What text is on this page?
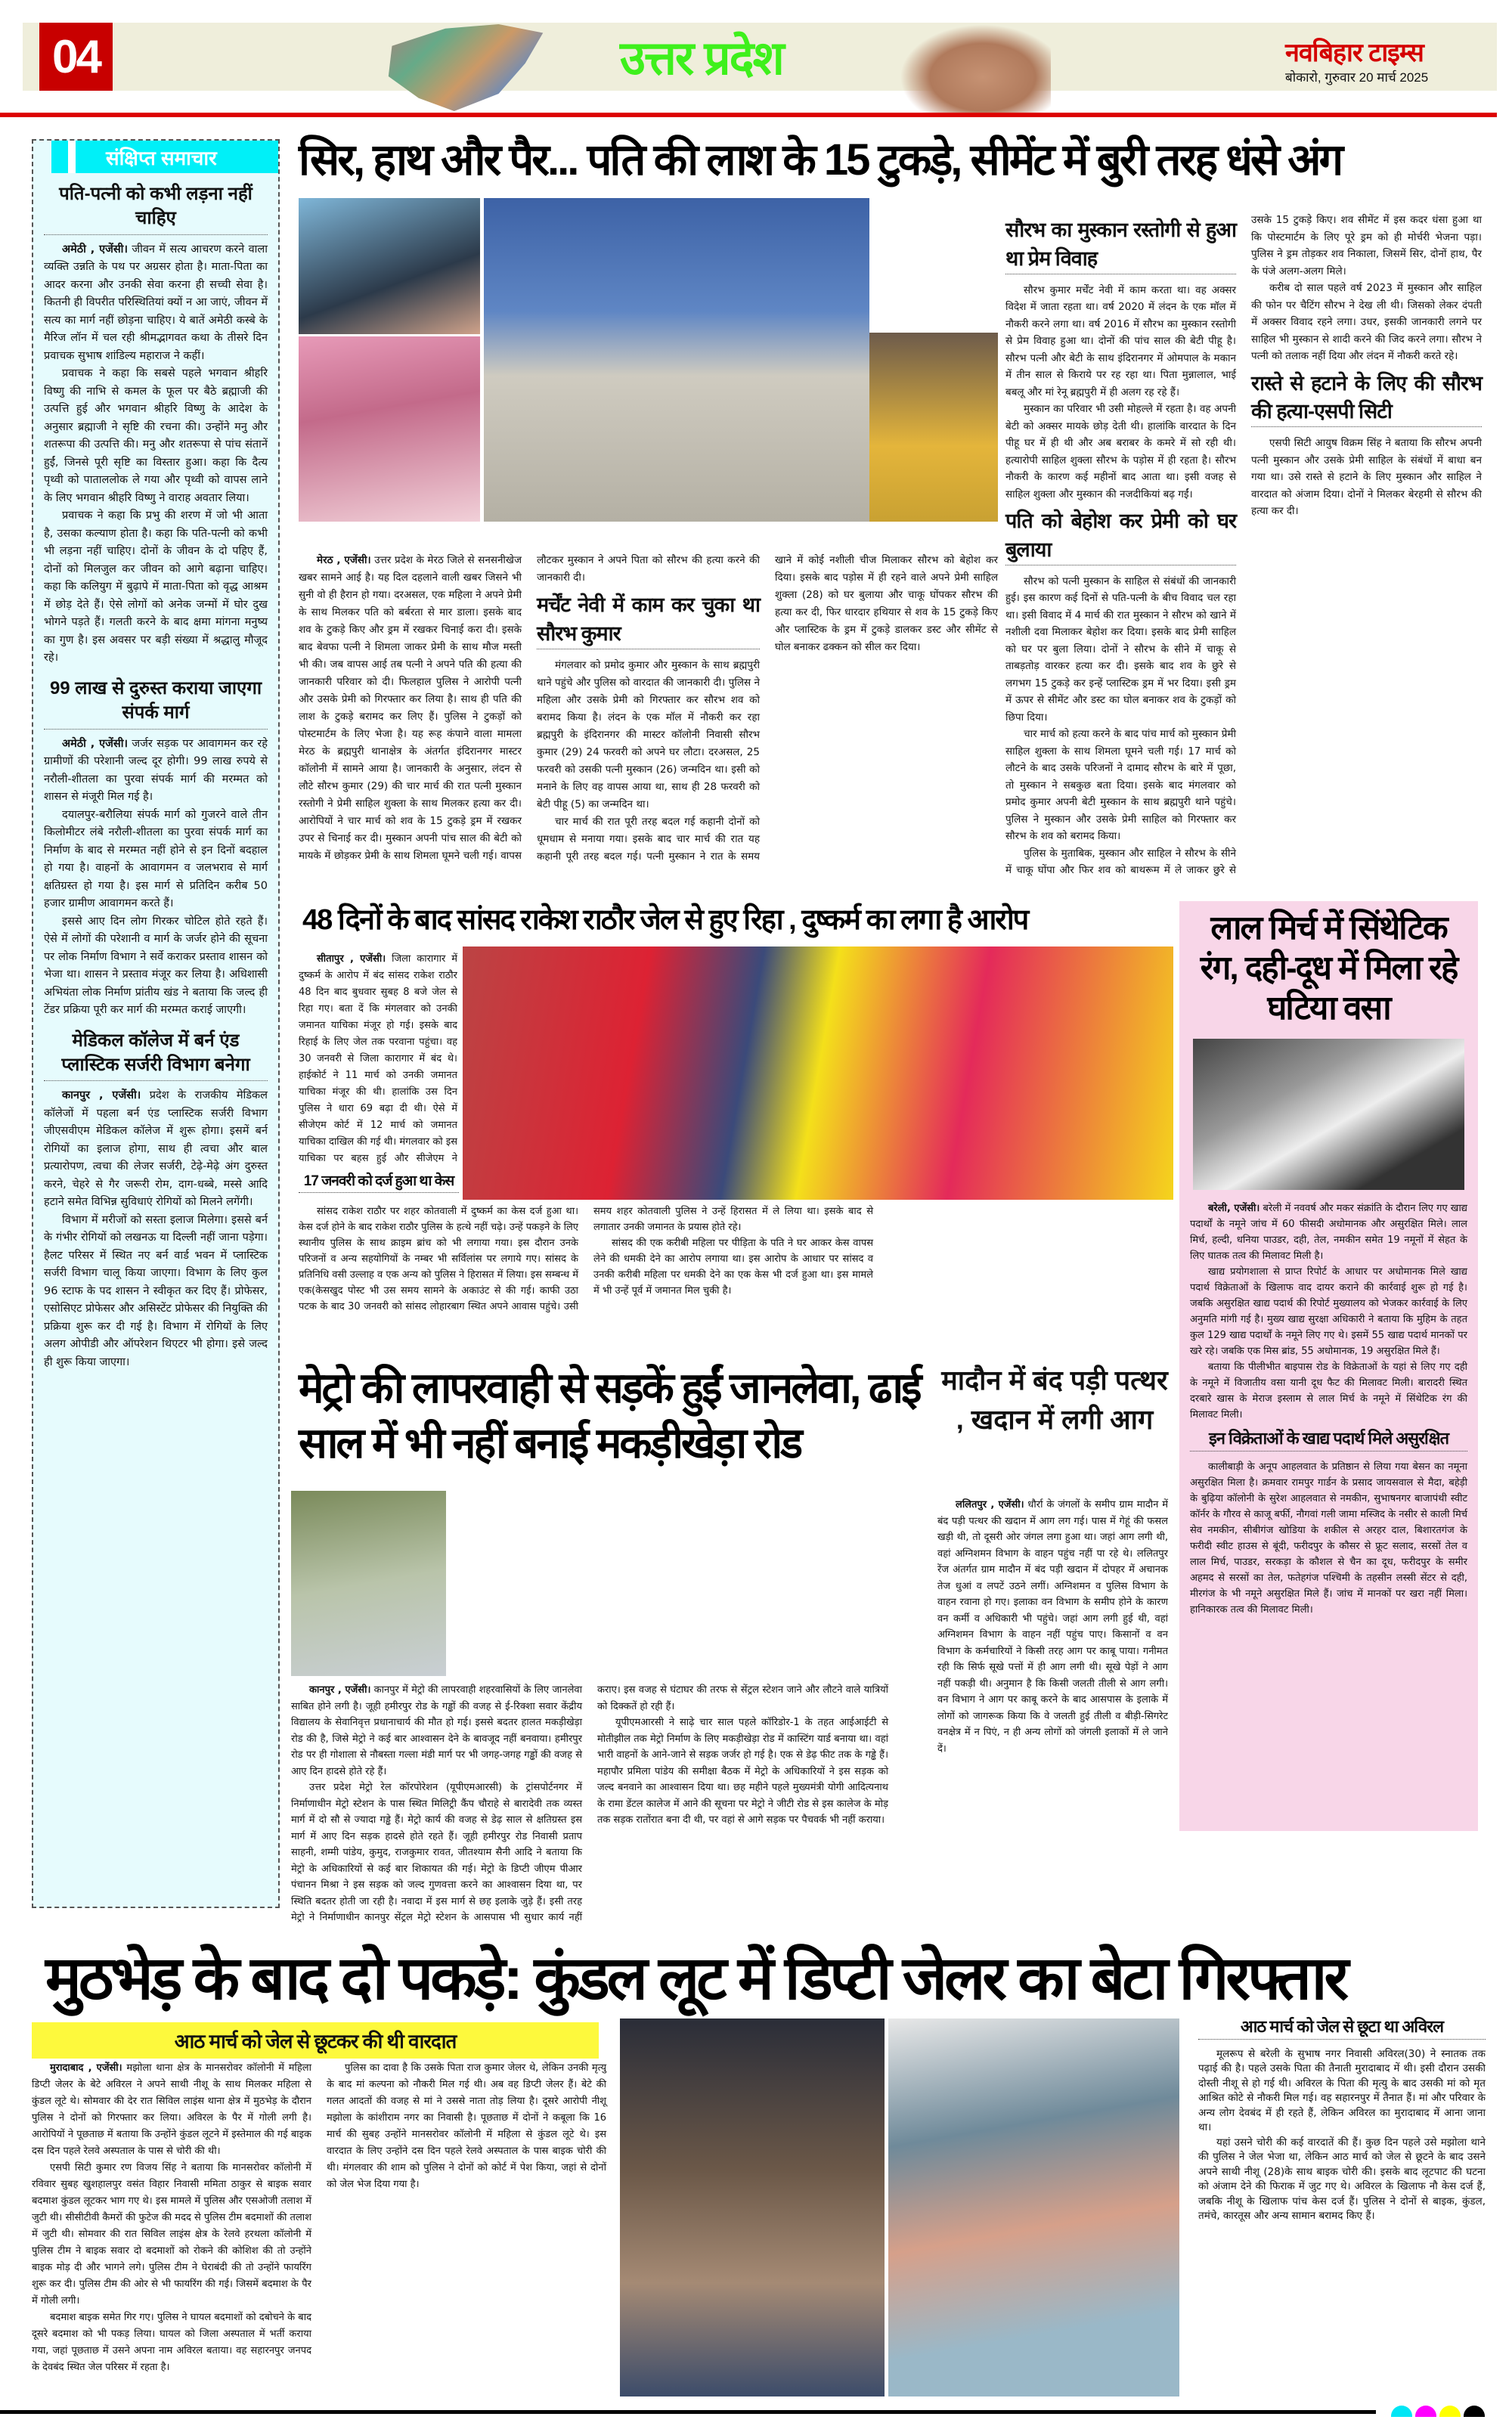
04	उत्तर प्रदेश	नवबिहार टाइम्स
बोकारो, गुरुवार 20 मार्च 2025
संक्षिप्त समाचार
पति-पत्नी को कभी लड़ना नहीं चाहिए

अमेठी , एजेंसी। जीवन में सत्य आचरण करने वाला व्यक्ति उन्नति के पथ पर अग्रसर होता है। माता-पिता का आदर करना और उनकी सेवा करना ही सच्ची सेवा है। कितनी ही विपरीत परिस्थितियां क्यों न आ जाएं, जीवन में सत्य का मार्ग नहीं छोड़ना चाहिए। ये बातें अमेठी कस्बे के मैरिज लॉन में चल रही श्रीमद्भागवत कथा के तीसरे दिन प्रवाचक सुभाष शांडिल्य महाराज ने कहीं।

प्रवाचक ने कहा कि सबसे पहले भगवान श्रीहरि विष्णु की नाभि से कमल के फूल पर बैठे ब्रह्माजी की उत्पत्ति हुई और भगवान श्रीहरि विष्णु के आदेश के अनुसार ब्रह्माजी ने सृष्टि की रचना की। उन्होंने मनु और शतरूपा की उत्पत्ति की। मनु और शतरूपा से पांच संतानें हुईं, जिनसे पूरी सृष्टि का विस्तार हुआ। कहा कि दैत्य पृथ्वी को पाताललोक ले गया और पृथ्वी को वापस लाने के लिए भगवान श्रीहरि विष्णु ने वाराह अवतार लिया।

प्रवाचक ने कहा कि प्रभु की शरण में जो भी आता है, उसका कल्याण होता है। कहा कि पति-पत्नी को कभी भी लड़ना नहीं चाहिए। दोनों के जीवन के दो पहिए हैं, दोनों को मिलजुल कर जीवन को आगे बढ़ाना चाहिए। कहा कि कलियुग में बुढ़ापे में माता-पिता को वृद्ध आश्रम में छोड़ देते हैं। ऐसे लोगों को अनेक जन्मों में घोर दुख भोगने पड़ते हैं। गलती करने के बाद क्षमा मांगना मनुष्य का गुण है। इस अवसर पर बड़ी संख्या में श्रद्धालु मौजूद रहे।

99 लाख से दुरुस्त कराया जाएगा संपर्क मार्ग

अमेठी , एजेंसी। जर्जर सड़क पर आवागमन कर रहे ग्रामीणों की परेशानी जल्द दूर होगी। 99 लाख रुपये से नरौली-शीतला का पुरवा संपर्क मार्ग की मरम्मत को शासन से मंजूरी मिल गई है।

दयालपुर-बरौलिया संपर्क मार्ग को गुजरने वाले तीन किलोमीटर लंबे नरौली-शीतला का पुरवा संपर्क मार्ग का निर्माण के बाद से मरम्मत नहीं होने से इन दिनों बदहाल हो गया है। वाहनों के आवागमन व जलभराव से मार्ग क्षतिग्रस्त हो गया है। इस मार्ग से प्रतिदिन करीब 50 हजार ग्रामीण आवागमन करते हैं।

इससे आए दिन लोग गिरकर चोटिल होते रहते हैं। ऐसे में लोगों की परेशानी व मार्ग के जर्जर होने की सूचना पर लोक निर्माण विभाग ने सर्वे कराकर प्रस्ताव शासन को भेजा था। शासन ने प्रस्ताव मंजूर कर लिया है। अधिशासी अभियंता लोक निर्माण प्रांतीय खंड ने बताया कि जल्द ही टेंडर प्रक्रिया पूरी कर मार्ग की मरम्मत कराई जाएगी।

मेडिकल कॉलेज में बर्न एंड प्लास्टिक सर्जरी विभाग बनेगा

कानपुर , एजेंसी। प्रदेश के राजकीय मेडिकल कॉलेजों में पहला बर्न एंड प्लास्टिक सर्जरी विभाग जीएसवीएम मेडिकल कॉलेज में शुरू होगा। इसमें बर्न रोगियों का इलाज होगा, साथ ही त्वचा और बाल प्रत्यारोपण, त्वचा की लेजर सर्जरी, टेढ़े-मेढ़े अंग दुरुस्त करने, चेहरे से गैर जरूरी रोम, दाग-धब्बे, मस्से आदि हटाने समेत विभिन्न सुविधाएं रोगियों को मिलने लगेंगी।

विभाग में मरीजों को सस्ता इलाज मिलेगा। इससे बर्न के गंभीर रोगियों को लखनऊ या दिल्ली नहीं जाना पड़ेगा। हैलट परिसर में स्थित नए बर्न वार्ड भवन में प्लास्टिक सर्जरी विभाग चालू किया जाएगा। विभाग के लिए कुल 96 स्टाफ के पद शासन ने स्वीकृत कर दिए हैं। प्रोफेसर, एसोसिएट प्रोफेसर और असिस्टेंट प्रोफेसर की नियुक्ति की प्रक्रिया शुरू कर दी गई है। विभाग में रोगियों के लिए अलग ओपीडी और ऑपरेशन थिएटर भी होगा। इसे जल्द ही शुरू किया जाएगा।

सिर, हाथ और पैर... पति की लाश के 15 टुकड़े, सीमेंट में बुरी तरह धंसे अंग

मेरठ , एजेंसी। उत्तर प्रदेश के मेरठ जिले से सनसनीखेज खबर सामने आई है। यह दिल दहलाने वाली खबर जिसने भी सुनी वो ही हैरान हो गया। दरअसल, एक महिला ने अपने प्रेमी के साथ मिलकर पति को बर्बरता से मार डाला। इसके बाद शव के टुकड़े किए और ड्रम में रखकर चिनाई करा दी। इसके बाद बेवफा पत्नी ने शिमला जाकर प्रेमी के साथ मौज मस्ती भी की। जब वापस आई तब पत्नी ने अपने पति की हत्या की जानकारी परिवार को दी। फिलहाल पुलिस ने आरोपी पत्नी और उसके प्रेमी को गिरफ्तार कर लिया है। साथ ही पति की लाश के टुकड़े बरामद कर लिए हैं। पुलिस ने टुकड़ों को पोस्टमार्टम के लिए भेजा है। यह रूह कंपाने वाला मामला मेरठ के ब्रह्मपुरी थानाक्षेत्र के अंतर्गत इंदिरानगर मास्टर कॉलोनी में सामने आया है। जानकारी के अनुसार, लंदन से लौटे सौरभ कुमार (29) की चार मार्च की रात पत्नी मुस्कान रस्तोगी ने प्रेमी साहिल शुक्ला के साथ मिलकर हत्या कर दी। आरोपियों ने चार मार्च को शव के 15 टुकड़े ड्रम में रखकर उपर से चिनाई कर दी। मुस्कान अपनी पांच साल की बेटी को मायके में छोड़कर प्रेमी के साथ शिमला घूमने चली गई। वापस लौटकर मुस्कान ने अपने पिता को सौरभ की हत्या करने की जानकारी दी।

मर्चेंट नेवी में काम कर चुका था सौरभ कुमार

मंगलवार को प्रमोद कुमार और मुस्कान के साथ ब्रह्मपुरी थाने पहुंचे और पुलिस को वारदात की जानकारी दी। पुलिस ने महिला और उसके प्रेमी को गिरफ्तार कर सौरभ शव को बरामद किया है। लंदन के एक मॉल में नौकरी कर रहा ब्रह्मपुरी के इंदिरानगर की मास्टर कॉलोनी निवासी सौरभ कुमार (29) 24 फरवरी को अपने घर लौटा। दरअसल, 25 फरवरी को उसकी पत्नी मुस्कान (26) जन्मदिन था। इसी को मनाने के लिए वह वापस आया था, साथ ही 28 फरवरी को बेटी पीहू (5) का जन्मदिन था।

चार मार्च की रात पूरी तरह बदल गई कहानी दोनों को धूमधाम से मनाया गया। इसके बाद चार मार्च की रात यह कहानी पूरी तरह बदल गई। पत्नी मुस्कान ने रात के समय खाने में कोई नशीली चीज मिलाकर सौरभ को बेहोश कर दिया। इसके बाद पड़ोस में ही रहने वाले अपने प्रेमी साहिल शुक्ला (28) को घर बुलाया और चाकू घोंपकर सौरभ की हत्या कर दी, फिर धारदार हथियार से शव के 15 टुकड़े किए और प्लास्टिक के ड्रम में टुकड़े डालकर डस्ट और सीमेंट से घोल बनाकर ढक्कन को सील कर दिया।

सौरभ का मुस्कान रस्तोगी से हुआ था प्रेम विवाह

सौरभ कुमार मर्चेंट नेवी में काम करता था। वह अक्सर विदेश में जाता रहता था। वर्ष 2020 में लंदन के एक मॉल में नौकरी करने लगा था। वर्ष 2016 में सौरभ का मुस्कान रस्तोगी से प्रेम विवाह हुआ था। दोनों की पांच साल की बेटी पीहू है। सौरभ पत्नी और बेटी के साथ इंदिरानगर में ओमपाल के मकान में तीन साल से किराये पर रह रहा था। पिता मुन्नालाल, भाई बबलू और मां रेनू ब्रह्मपुरी में ही अलग रह रहे हैं।

मुस्कान का परिवार भी उसी मोहल्ले में रहता है। वह अपनी बेटी को अक्सर मायके छोड़ देती थी। हालांकि वारदात के दिन पीहू घर में ही थी और अब बराबर के कमरे में सो रही थी। हत्यारोपी साहिल शुक्ला सौरभ के पड़ोस में ही रहता है। सौरभ नौकरी के कारण कई महीनों बाद आता था। इसी वजह से साहिल शुक्ला और मुस्कान की नजदीकियां बढ़ गईं।

पति को बेहोश कर प्रेमी को घर बुलाया

सौरभ को पत्नी मुस्कान के साहिल से संबंधों की जानकारी हुई। इस कारण कई दिनों से पति-पत्नी के बीच विवाद चल रहा था। इसी विवाद में 4 मार्च की रात मुस्कान ने सौरभ को खाने में नशीली दवा मिलाकर बेहोश कर दिया। इसके बाद प्रेमी साहिल को घर पर बुला लिया। दोनों ने सौरभ के सीने में चाकू से ताबड़तोड़ वारकर हत्या कर दी। इसके बाद शव के छुरे से लगभग 15 टुकड़े कर इन्हें प्लास्टिक ड्रम में भर दिया। इसी ड्रम में ऊपर से सीमेंट और डस्ट का घोल बनाकर शव के टुकड़ों को छिपा दिया।

चार मार्च को हत्या करने के बाद पांच मार्च को मुस्कान प्रेमी साहिल शुक्ला के साथ शिमला घूमने चली गई। 17 मार्च को लौटने के बाद उसके परिजनों ने दामाद सौरभ के बारे में पूछा, तो मुस्कान ने सबकुछ बता दिया। इसके बाद मंगलवार को प्रमोद कुमार अपनी बेटी मुस्कान के साथ ब्रह्मपुरी थाने पहुंचे। पुलिस ने मुस्कान और उसके प्रेमी साहिल को गिरफ्तार कर सौरभ के शव को बरामद किया।

पुलिस के मुताबिक, मुस्कान और साहिल ने सौरभ के सीने में चाकू घोंपा और फिर शव को बाथरूम में ले जाकर छुरे से उसके 15 टुकड़े किए। शव सीमेंट में इस कदर धंसा हुआ था कि पोस्टमार्टम के लिए पूरे ड्रम को ही मोर्चरी भेजना पड़ा। पुलिस ने ड्रम तोड़कर शव निकाला, जिसमें सिर, दोनों हाथ, पैर के पंजे अलग-अलग मिले।

करीब दो साल पहले वर्ष 2023 में मुस्कान और साहिल की फोन पर चैटिंग सौरभ ने देख ली थी। जिसको लेकर दंपती में अक्सर विवाद रहने लगा। उधर, इसकी जानकारी लगने पर साहिल भी मुस्कान से शादी करने की जिद करने लगा। सौरभ ने पत्नी को तलाक नहीं दिया और लंदन में नौकरी करते रहे।

रास्ते से हटाने के लिए की सौरभ की हत्या-एसपी सिटी

एसपी सिटी आयुष विक्रम सिंह ने बताया कि सौरभ अपनी पत्नी मुस्कान और उसके प्रेमी साहिल के संबंधों में बाधा बन गया था। उसे रास्ते से हटाने के लिए मुस्कान और साहिल ने वारदात को अंजाम दिया। दोनों ने मिलकर बेरहमी से सौरभ की हत्या कर दी।

48 दिनों के बाद सांसद राकेश राठौर जेल से हुए रिहा , दुष्कर्म का लगा है आरोप

सीतापुर , एजेंसी। जिला कारागार में दुष्कर्म के आरोप में बंद सांसद राकेश राठौर 48 दिन बाद बुधवार सुबह 8 बजे जेल से रिहा गए। बता दें कि मंगलवार को उनकी जमानत याचिका मंजूर हो गई। इसके बाद रिहाई के लिए जेल तक परवाना पहुंचा। वह 30 जनवरी से जिला कारागार में बंद थे। हाईकोर्ट ने 11 मार्च को उनकी जमानत याचिका मंजूर की थी। हालांकि उस दिन पुलिस ने धारा 69 बढ़ा दी थी। ऐसे में सीजेएम कोर्ट में 12 मार्च को जमानत याचिका दाखिल की गई थी। मंगलवार को इस याचिका पर बहस हुई और सीजेएम ने

17 जनवरी को दर्ज हुआ था केस

सांसद राकेश राठौर पर शहर कोतवाली में दुष्कर्म का केस दर्ज हुआ था। केस दर्ज होने के बाद राकेश राठौर पुलिस के हत्थे नहीं चढ़े। उन्हें पकड़ने के लिए स्थानीय पुलिस के साथ क्राइम ब्रांच को भी लगाया गया। इस दौरान उनके परिजनों व अन्य सहयोगियों के नम्बर भी सर्विलांस पर लगाये गए। सांसद के प्रतिनिधि वसी उल्लाह व एक अन्य को पुलिस ने हिरासत में लिया। इस सम्बन्ध में एक(केसखुद पोस्ट भी उस समय सामने के अकाउंट से की गई। काफी उठा पटक के बाद 30 जनवरी को सांसद लोहारबाग स्थित अपने आवास पहुंचे। उसी समय शहर कोतवाली पुलिस ने उन्हें हिरासत में ले लिया था। इसके बाद से लगातार उनकी जमानत के प्रयास होते रहे।

सांसद की एक करीबी महिला पर पीड़िता के पति ने घर आकर केस वापस लेने की धमकी देने का आरोप लगाया था। इस आरोप के आधार पर सांसद व उनकी करीबी महिला पर धमकी देने का एक केस भी दर्ज हुआ था। इस मामले में भी उन्हें पूर्व में जमानत मिल चुकी है।

लाल मिर्च में सिंथेटिक रंग, दही-दूध में मिला रहे घटिया वसा

बरेली, एजेंसी। बरेली में नववर्ष और मकर संक्रांति के दौरान लिए गए खाद्य पदार्थों के नमूने जांच में 60 फीसदी अधोमानक और असुरक्षित मिले। लाल मिर्च, हल्दी, धनिया पाउडर, दही, तेल, नमकीन समेत 19 नमूनों में सेहत के लिए घातक तत्व की मिलावट मिली है।

खाद्य प्रयोगशाला से प्राप्त रिपोर्ट के आधार पर अधोमानक मिले खाद्य पदार्थ विक्रेताओं के खिलाफ वाद दायर कराने की कार्रवाई शुरू हो गई है। जबकि असुरक्षित खाद्य पदार्थ की रिपोर्ट मुख्यालय को भेजकर कार्रवाई के लिए अनुमति मांगी गई है। मुख्य खाद्य सुरक्षा अधिकारी ने बताया कि मुहिम के तहत कुल 129 खाद्य पदार्थों के नमूने लिए गए थे। इसमें 55 खाद्य पदार्थ मानकों पर खरे रहे। जबकि एक मिस ब्रांड, 55 अधोमानक, 19 असुरक्षित मिले हैं।

बताया कि पीलीभीत बाइपास रोड के विक्रेताओं के यहां से लिए गए दही के नमूने में विजातीय वसा यानी दूध फैट की मिलावट मिली। बारादरी स्थित दरबारे खास के मेराज इस्लाम से लाल मिर्च के नमूने में सिंथेटिक रंग की मिलावट मिली।

इन विक्रेताओं के खाद्य पदार्थ मिले असुरक्षित

कालीबाड़ी के अनूप आहलवात के प्रतिष्ठान से लिया गया बेसन का नमूना असुरक्षित मिला है। क्रमवार रामपुर गार्डन के प्रसाद जायसवाल से मैदा, बहेड़ी के बुढ़िया कॉलोनी के सुरेश आहलवात से नमकीन, सुभाषनगर बाजापंथी स्वीट कॉर्नर के गौरव से काजू बर्फी, नौगवां गली जामा मस्जिद के नसीर से काली मिर्च सेव नमकीन, सीबीगंज खोडिया के शकील से अरहर दाल, बिशारतगंज के फरीदी स्वीट हाउस से बूंदी, फरीदपुर के कौसर से फ्रूट सलाद, सरसों तेल व लाल मिर्च, पाउडर, सरकड़ा के कौशल से चैन का दूध, फरीदपुर के समीर अहमद से सरसों का तेल, फतेहगंज पश्चिमी के तहसीन लस्सी सेंटर से दही, मीरगंज के भी नमूने असुरक्षित मिले हैं। जांच में मानकों पर खरा नहीं मिला। हानिकारक तत्व की मिलावट मिली।

मेट्रो की लापरवाही से सड़कें हुईं जानलेवा, ढाई साल में भी नहीं बनाई मकड़ीखेड़ा रोड

कानपुर , एजेंसी। कानपुर में मेट्रो की लापरवाही शहरवासियों के लिए जानलेवा साबित होने लगी है। जूही हमीरपुर रोड के गड्ढों की वजह से ई-रिक्शा सवार केंद्रीय विद्यालय के सेवानिवृत्त प्रधानाचार्य की मौत हो गई। इससे बदतर हालत मकड़ीखेड़ा रोड की है, जिसे मेट्रो ने कई बार आश्वासन देने के बावजूद नहीं बनवाया। हमीरपुर रोड पर ही गोशाला से नौबस्ता गल्ला मंडी मार्ग पर भी जगह-जगह गड्ढों की वजह से आए दिन हादसे होते रहे हैं।

उत्तर प्रदेश मेट्रो रेल कॉरपोरेशन (यूपीएमआरसी) के ट्रांसपोर्टनगर में निर्माणाधीन मेट्रो स्टेशन के पास स्थित मिलिट्री कैंप चौराहे से बारादेवी तक व्यस्त मार्ग में दो सौ से ज्यादा गड्ढे हैं। मेट्रो कार्य की वजह से डेढ़ साल से क्षतिग्रस्त इस मार्ग में आए दिन सड़क हादसे होते रहते हैं। जूही हमीरपुर रोड निवासी प्रताप साहनी, शम्मी पांडेय, कुमुद, राजकुमार रावत, जीतश्याम सैनी आदि ने बताया कि मेट्रो के अधिकारियों से कई बार शिकायत की गई। मेट्रो के डिप्टी जीएम पीआर पंचानन मिश्रा ने इस सड़क को जल्द गुणवत्ता करने का आश्वासन दिया था, पर स्थिति बदतर होती जा रही है। नवादा में इस मार्ग से छह इलाके जुड़े हैं। इसी तरह मेट्रो ने निर्माणाधीन कानपुर सेंट्रल मेट्रो स्टेशन के आसपास भी सुधार कार्य नहीं कराए। इस वजह से घंटाघर की तरफ से सेंट्रल स्टेशन जाने और लौटने वाले यात्रियों को दिक्कतें हो रही हैं।

यूपीएमआरसी ने साढ़े चार साल पहले कॉरिडोर-1 के तहत आईआईटी से मोतीझील तक मेट्रो निर्माण के लिए मकड़ीखेड़ा रोड में कास्टिंग यार्ड बनाया था। वहां भारी वाहनों के आने-जाने से सड़क जर्जर हो गई है। एक से डेढ़ फीट तक के गड्ढे हैं। महापौर प्रमिला पांडेय की समीक्षा बैठक में मेट्रो के अधिकारियों ने इस सड़क को जल्द बनवाने का आश्वासन दिया था। छह महीने पहले मुख्यमंत्री योगी आदित्यनाथ के रामा डेंटल कालेज में आने की सूचना पर मेट्रो ने जीटी रोड से इस कालेज के मोड़ तक सड़क रातोंरात बना दी थी, पर वहां से आगे सड़क पर पैचवर्क भी नहीं कराया।

मादौन में बंद पड़ी पत्थर , खदान में लगी आग

ललितपुर , एजेंसी। धौर्रा के जंगलों के समीप ग्राम मादौन में बंद पड़ी पत्थर की खदान में आग लग गई। पास में गेहूं की फसल खड़ी थी, तो दूसरी ओर जंगल लगा हुआ था। जहां आग लगी थी, वहां अग्निशमन विभाग के वाहन पहुंच नहीं पा रहे थे। ललितपुर रेंज अंतर्गत ग्राम मादौन में बंद पड़ी खदान में दोपहर में अचानक तेज धुआं व लपटें उठने लगीं। अग्निशमन व पुलिस विभाग के वाहन रवाना हो गए। इलाका वन विभाग के समीप होने के कारण वन कर्मी व अधिकारी भी पहुंचे। जहां आग लगी हुई थी, वहां अग्निशमन विभाग के वाहन नहीं पहुंच पाए। किसानों व वन विभाग के कर्मचारियों ने किसी तरह आग पर काबू पाया। गनीमत रही कि सिर्फ सूखे पत्तों में ही आग लगी थी। सूखे पेड़ों ने आग नहीं पकड़ी थी। अनुमान है कि किसी जलती तीली से आग लगी। वन विभाग ने आग पर काबू करने के बाद आसपास के इलाके में लोगों को जागरूक किया कि वे जलती हुई तीली व बीड़ी-सिगरेट वनक्षेत्र में न पिएं, न ही अन्य लोगों को जंगली इलाकों में ले जाने दें।

मुठभेड़ के बाद दो पकड़े: कुंडल लूट में डिप्टी जेलर का बेटा गिरफ्तार
आठ मार्च को जेल से छूटकर की थी वारदात

मुरादाबाद , एजेंसी। मझोला थाना क्षेत्र के मानसरोवर कॉलोनी में महिला डिप्टी जेलर के बेटे अविरल ने अपने साथी नीशू के साथ मिलकर महिला से कुंडल लूटे थे। सोमवार की देर रात सिविल लाइंस थाना क्षेत्र में मुठभेड़ के दौरान पुलिस ने दोनों को गिरफ्तार कर लिया। अविरल के पैर में गोली लगी है। आरोपियों ने पूछताछ में बताया कि उन्होंने कुंडल लूटने में इस्तेमाल की गई बाइक दस दिन पहले रेलवे अस्पताल के पास से चोरी की थी।

एसपी सिटी कुमार रण विजय सिंह ने बताया कि मानसरोवर कॉलोनी में रविवार सुबह खुशहालपुर वसंत विहार निवासी ममिता ठाकुर से बाइक सवार बदमाश कुंडल लूटकर भाग गए थे। इस मामले में पुलिस और एसओजी तलाश में जुटी थी। सीसीटीवी कैमरों की फुटेज की मदद से पुलिस टीम बदमाशों की तलाश में जुटी थी। सोमवार की रात सिविल लाइंस क्षेत्र के रेलवे हरथला कॉलोनी में पुलिस टीम ने बाइक सवार दो बदमाशों को रोकने की कोशिश की तो उन्होंने बाइक मोड़ दी और भागने लगे। पुलिस टीम ने घेराबंदी की तो उन्होंने फायरिंग शुरू कर दी। पुलिस टीम की ओर से भी फायरिंग की गई। जिसमें बदमाश के पैर में गोली लगी।

बदमाश बाइक समेत गिर गए। पुलिस ने घायल बदमाशों को दबोचने के बाद दूसरे बदमाश को भी पकड़ लिया। घायल को जिला अस्पताल में भर्ती कराया गया, जहां पूछताछ में उसने अपना नाम अविरल बताया। वह सहारनपुर जनपद के देवबंद स्थित जेल परिसर में रहता है।

पुलिस का दावा है कि उसके पिता राज कुमार जेलर थे, लेकिन उनकी मृत्यु के बाद मां कल्पना को नौकरी मिल गई थी। अब वह डिप्टी जेलर हैं। बेटे की गलत आदतों की वजह से मां ने उससे नाता तोड़ लिया है। दूसरे आरोपी नीशू मझोला के कांशीराम नगर का निवासी है। पूछताछ में दोनों ने कबूला कि 16 मार्च की सुबह उन्होंने मानसरोवर कॉलोनी में महिला से कुंडल लूटे थे। इस वारदात के लिए उन्होंने दस दिन पहले रेलवे अस्पताल के पास बाइक चोरी की थी। मंगलवार की शाम को पुलिस ने दोनों को कोर्ट में पेश किया, जहां से दोनों को जेल भेज दिया गया है।

आठ मार्च को जेल से छूटा था अविरल

मूलरूप से बरेली के सुभाष नगर निवासी अविरल(30) ने स्नातक तक पढ़ाई की है। पहले उसके पिता की तैनाती मुरादाबाद में थी। इसी दौरान उसकी दोस्ती नीशू से हो गई थी। अविरल के पिता की मृत्यु के बाद उसकी मां को मृत आश्रित कोटे से नौकरी मिल गई। वह सहारनपुर में तैनात हैं। मां और परिवार के अन्य लोग देवबंद में ही रहते हैं, लेकिन अविरल का मुरादाबाद में आना जाना था।

यहां उसने चोरी की कई वारदातें की हैं। कुछ दिन पहले उसे मझोला थाने की पुलिस ने जेल भेजा था, लेकिन आठ मार्च को जेल से छूटने के बाद उसने अपने साथी नीशू (28)के साथ बाइक चोरी की। इसके बाद लूटपाट की घटना को अंजाम देने की फिराक में जुट गए थे। अविरल के खिलाफ नौ केस दर्ज हैं, जबकि नीशू के खिलाफ पांच केस दर्ज हैं। पुलिस ने दोनों से बाइक, कुंडल, तमंचे, कारतूस और अन्य सामान बरामद किए हैं।
